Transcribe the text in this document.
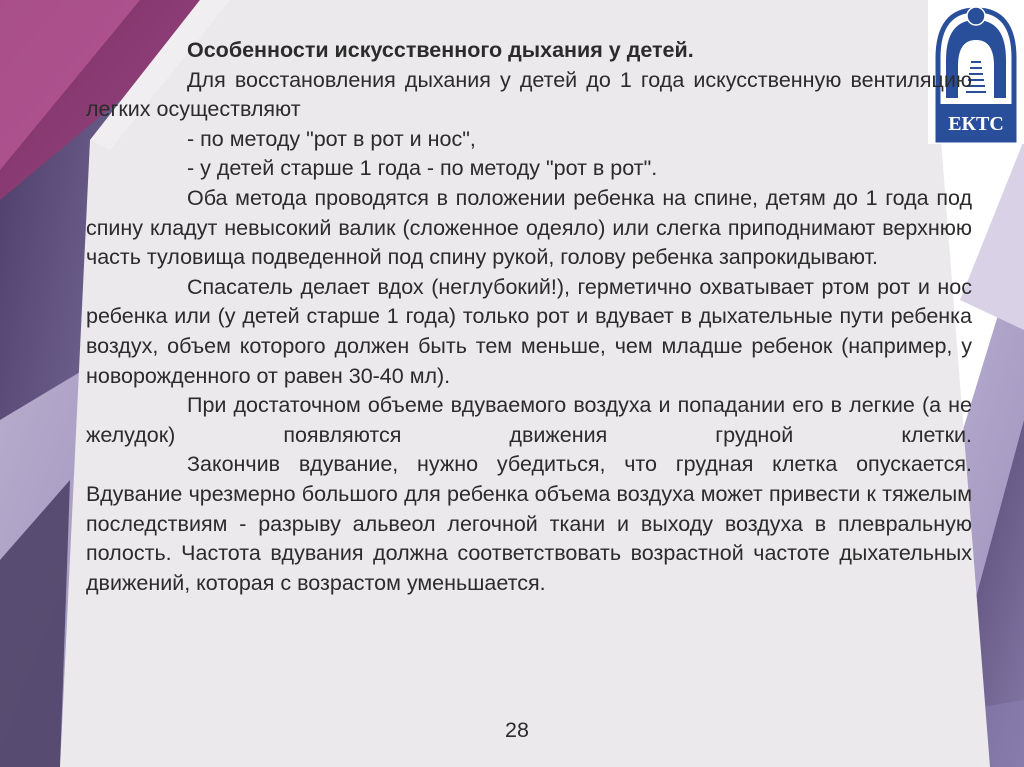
ЕКТС

Особенности искусственного дыхания у детей.

Для восстановления дыхания у детей до 1 года искусственную вентиляцию легких осуществляют

- по методу "рот в рот и нос",

- у детей старше 1 года - по методу "рот в рот".

Оба метода проводятся в положении ребенка на спине, детям до 1 года под спину кладут невысокий валик (сложенное одеяло) или слегка приподнимают верхнюю часть туловища подведенной под спину рукой, голову ребенка запрокидывают.

Спасатель делает вдох (неглубокий!), герметично охватывает ртом рот и нос ребенка или (у детей старше 1 года) только рот и вдувает в дыхательные пути ребенка воздух, объем которого должен быть тем меньше, чем младше ребенок (например, у новорожденного от равен 30-40 мл).

При достаточном объеме вдуваемого воздуха и попадании его в легкие (а не желудок) появляются движения грудной клетки.

Закончив вдувание, нужно убедиться, что грудная клетка опускается. Вдувание чрезмерно большого для ребенка объема воздуха может привести к тяжелым последствиям - разрыву альвеол легочной ткани и выходу воздуха в плевральную полость. Частота вдувания должна соответствовать возрастной частоте дыхательных движений, которая с возрастом уменьшается.

28
